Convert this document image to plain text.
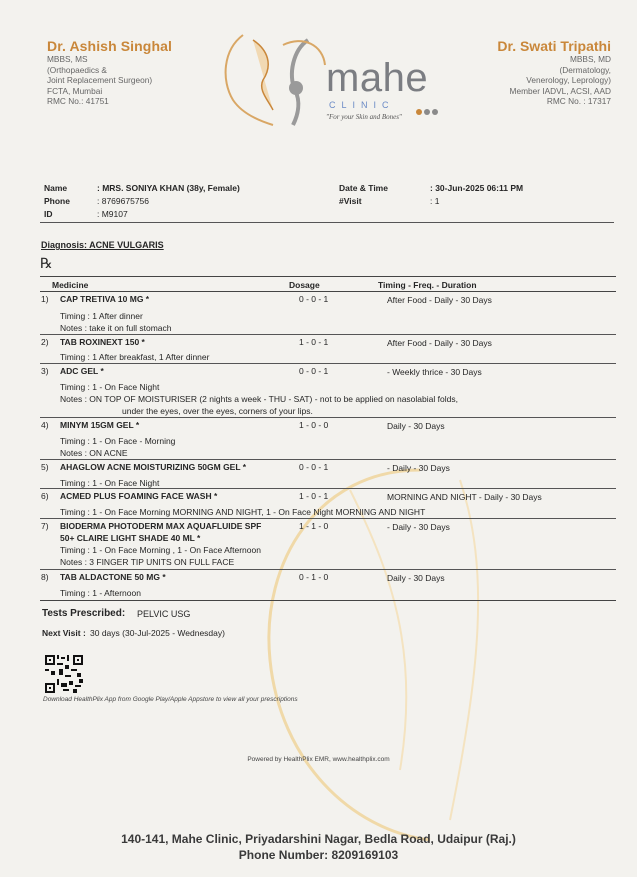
Dr. Ashish Singhal
MBBS, MS
(Orthopaedics &
Joint Replacement Surgeon)
FCTA, Mumbai
RMC No.: 41751
mahe
CLINIC
"For your Skin and Bones"
Dr. Swati Tripathi
MBBS, MD
(Dermatology,
Venerology, Leprology)
Member IADVL, ACSI, AAD
RMC No. : 17317
Name	: MRS. SONIYA KHAN (38y, Female)
Phone	: 8769675756
ID	: M9107
Date & Time	: 30-Jun-2025 06:11 PM
#Visit	: 1
Diagnosis: ACNE VULGARIS
℞
Medicine	Dosage	Timing - Freq. - Duration
1) CAP TRETIVA 10 MG *	0 - 0 - 1	After Food - Daily - 30 Days
Timing : 1 After dinner
Notes : take it on full stomach
2) TAB ROXINEXT 150 *	1 - 0 - 1	After Food - Daily - 30 Days
Timing : 1 After breakfast, 1 After dinner
3) ADC GEL *	0 - 0 - 1	- Weekly thrice - 30 Days
Timing : 1 - On Face Night
Notes : ON TOP OF MOISTURISER (2 nights a week - THU - SAT) - not to be applied on nasolabial folds,
under the eyes, over the eyes, corners of your lips.
4) MINYM 15GM GEL *	1 - 0 - 0	Daily - 30 Days
Timing : 1 - On Face - Morning
Notes : ON ACNE
5) AHAGLOW ACNE MOISTURIZING 50GM GEL *	0 - 0 - 1	- Daily - 30 Days
Timing : 1 - On Face Night
6) ACMED PLUS FOAMING FACE WASH *	1 - 0 - 1	MORNING AND NIGHT - Daily - 30 Days
Timing : 1 - On Face Morning MORNING AND NIGHT, 1 - On Face Night MORNING AND NIGHT
7) BIODERMA PHOTODERM MAX AQUAFLUIDE SPF
50+ CLAIRE LIGHT SHADE 40 ML *
1 - 1 - 0	- Daily - 30 Days
Timing : 1 - On Face Morning , 1 - On Face Afternoon
Notes : 3 FINGER TIP UNITS ON FULL FACE
8) TAB ALDACTONE 50 MG *	0 - 1 - 0	Daily - 30 Days
Timing : 1 - Afternoon
Tests Prescribed: PELVIC USG
Next Visit : 30 days (30-Jul-2025 - Wednesday)
Download HealthPlix App from Google Play/Apple Appstore to view all your prescriptions
Powered by HealthPlix EMR, www.healthplix.com
140-141, Mahe Clinic, Priyadarshini Nagar, Bedla Road, Udaipur (Raj.)
Phone Number: 8209169103
